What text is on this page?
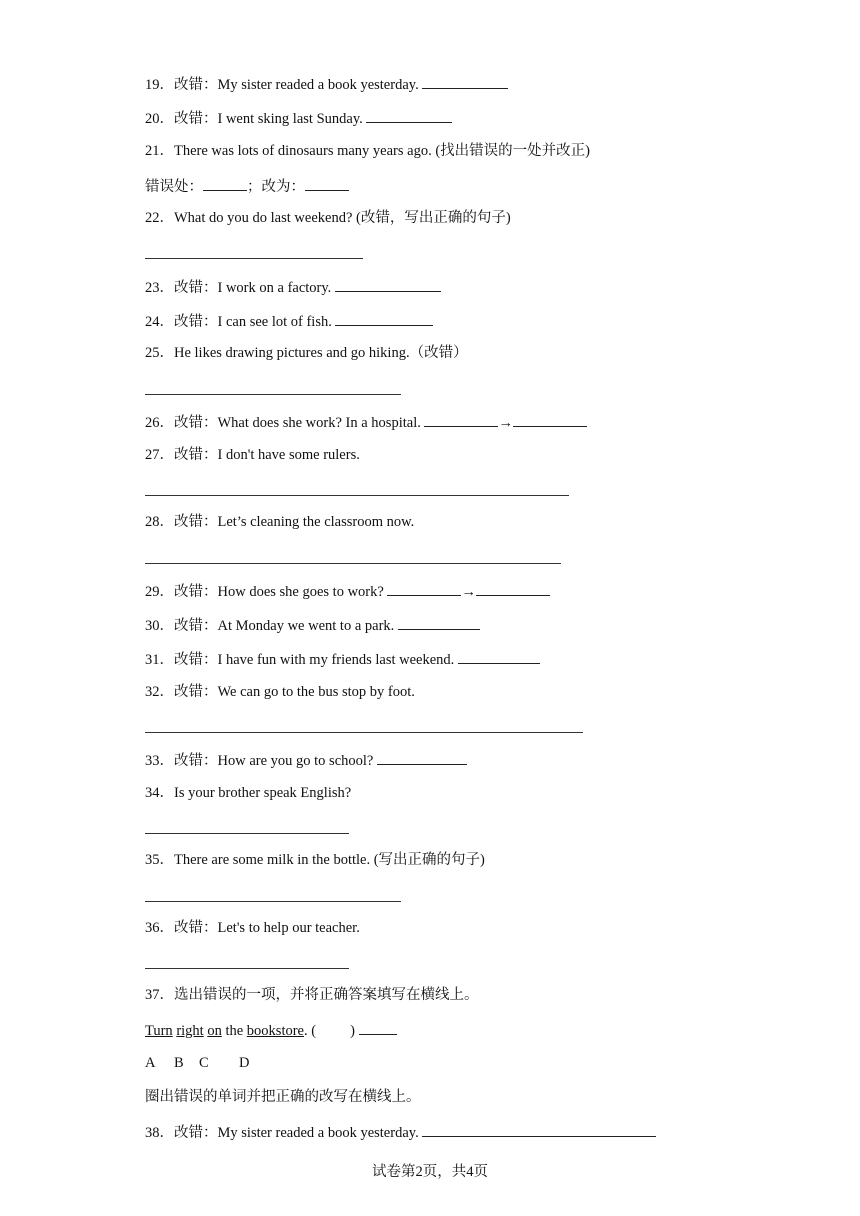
19．改错：My sister readed a book yesterday.
20．改错：I went sking last Sunday.
21．There was lots of dinosaurs many years ago. (找出错误的一处并改正)
错误处：	；改为：
22．What do you do last weekend? (改错，写出正确的句子)
23．改错：I work on a factory.
24．改错：I can see lot of fish.
25．He likes drawing pictures and go hiking.（改错）
26．改错：What does she work? In a hospital.	→
27．改错：I don't have some rulers.
28．改错：Let’s cleaning the classroom now.
29．改错：How does she goes to work?	→
30．改错：At Monday we went to a park.
31．改错：I have fun with my friends last weekend.
32．改错：We can go to the bus stop by foot.
33．改错：How are you go to school?
34．Is your brother speak English?
35．There are some milk in the bottle. (写出正确的句子)
36．改错：Let's to help our teacher.
37．选出错误的一项，并将正确答案填写在横线上。
Turn right on the bookstore. ( )
A B C D
圈出错误的单词并把正确的改写在横线上。
38．改错：My sister readed a book yesterday.
试卷第2页，共4页
